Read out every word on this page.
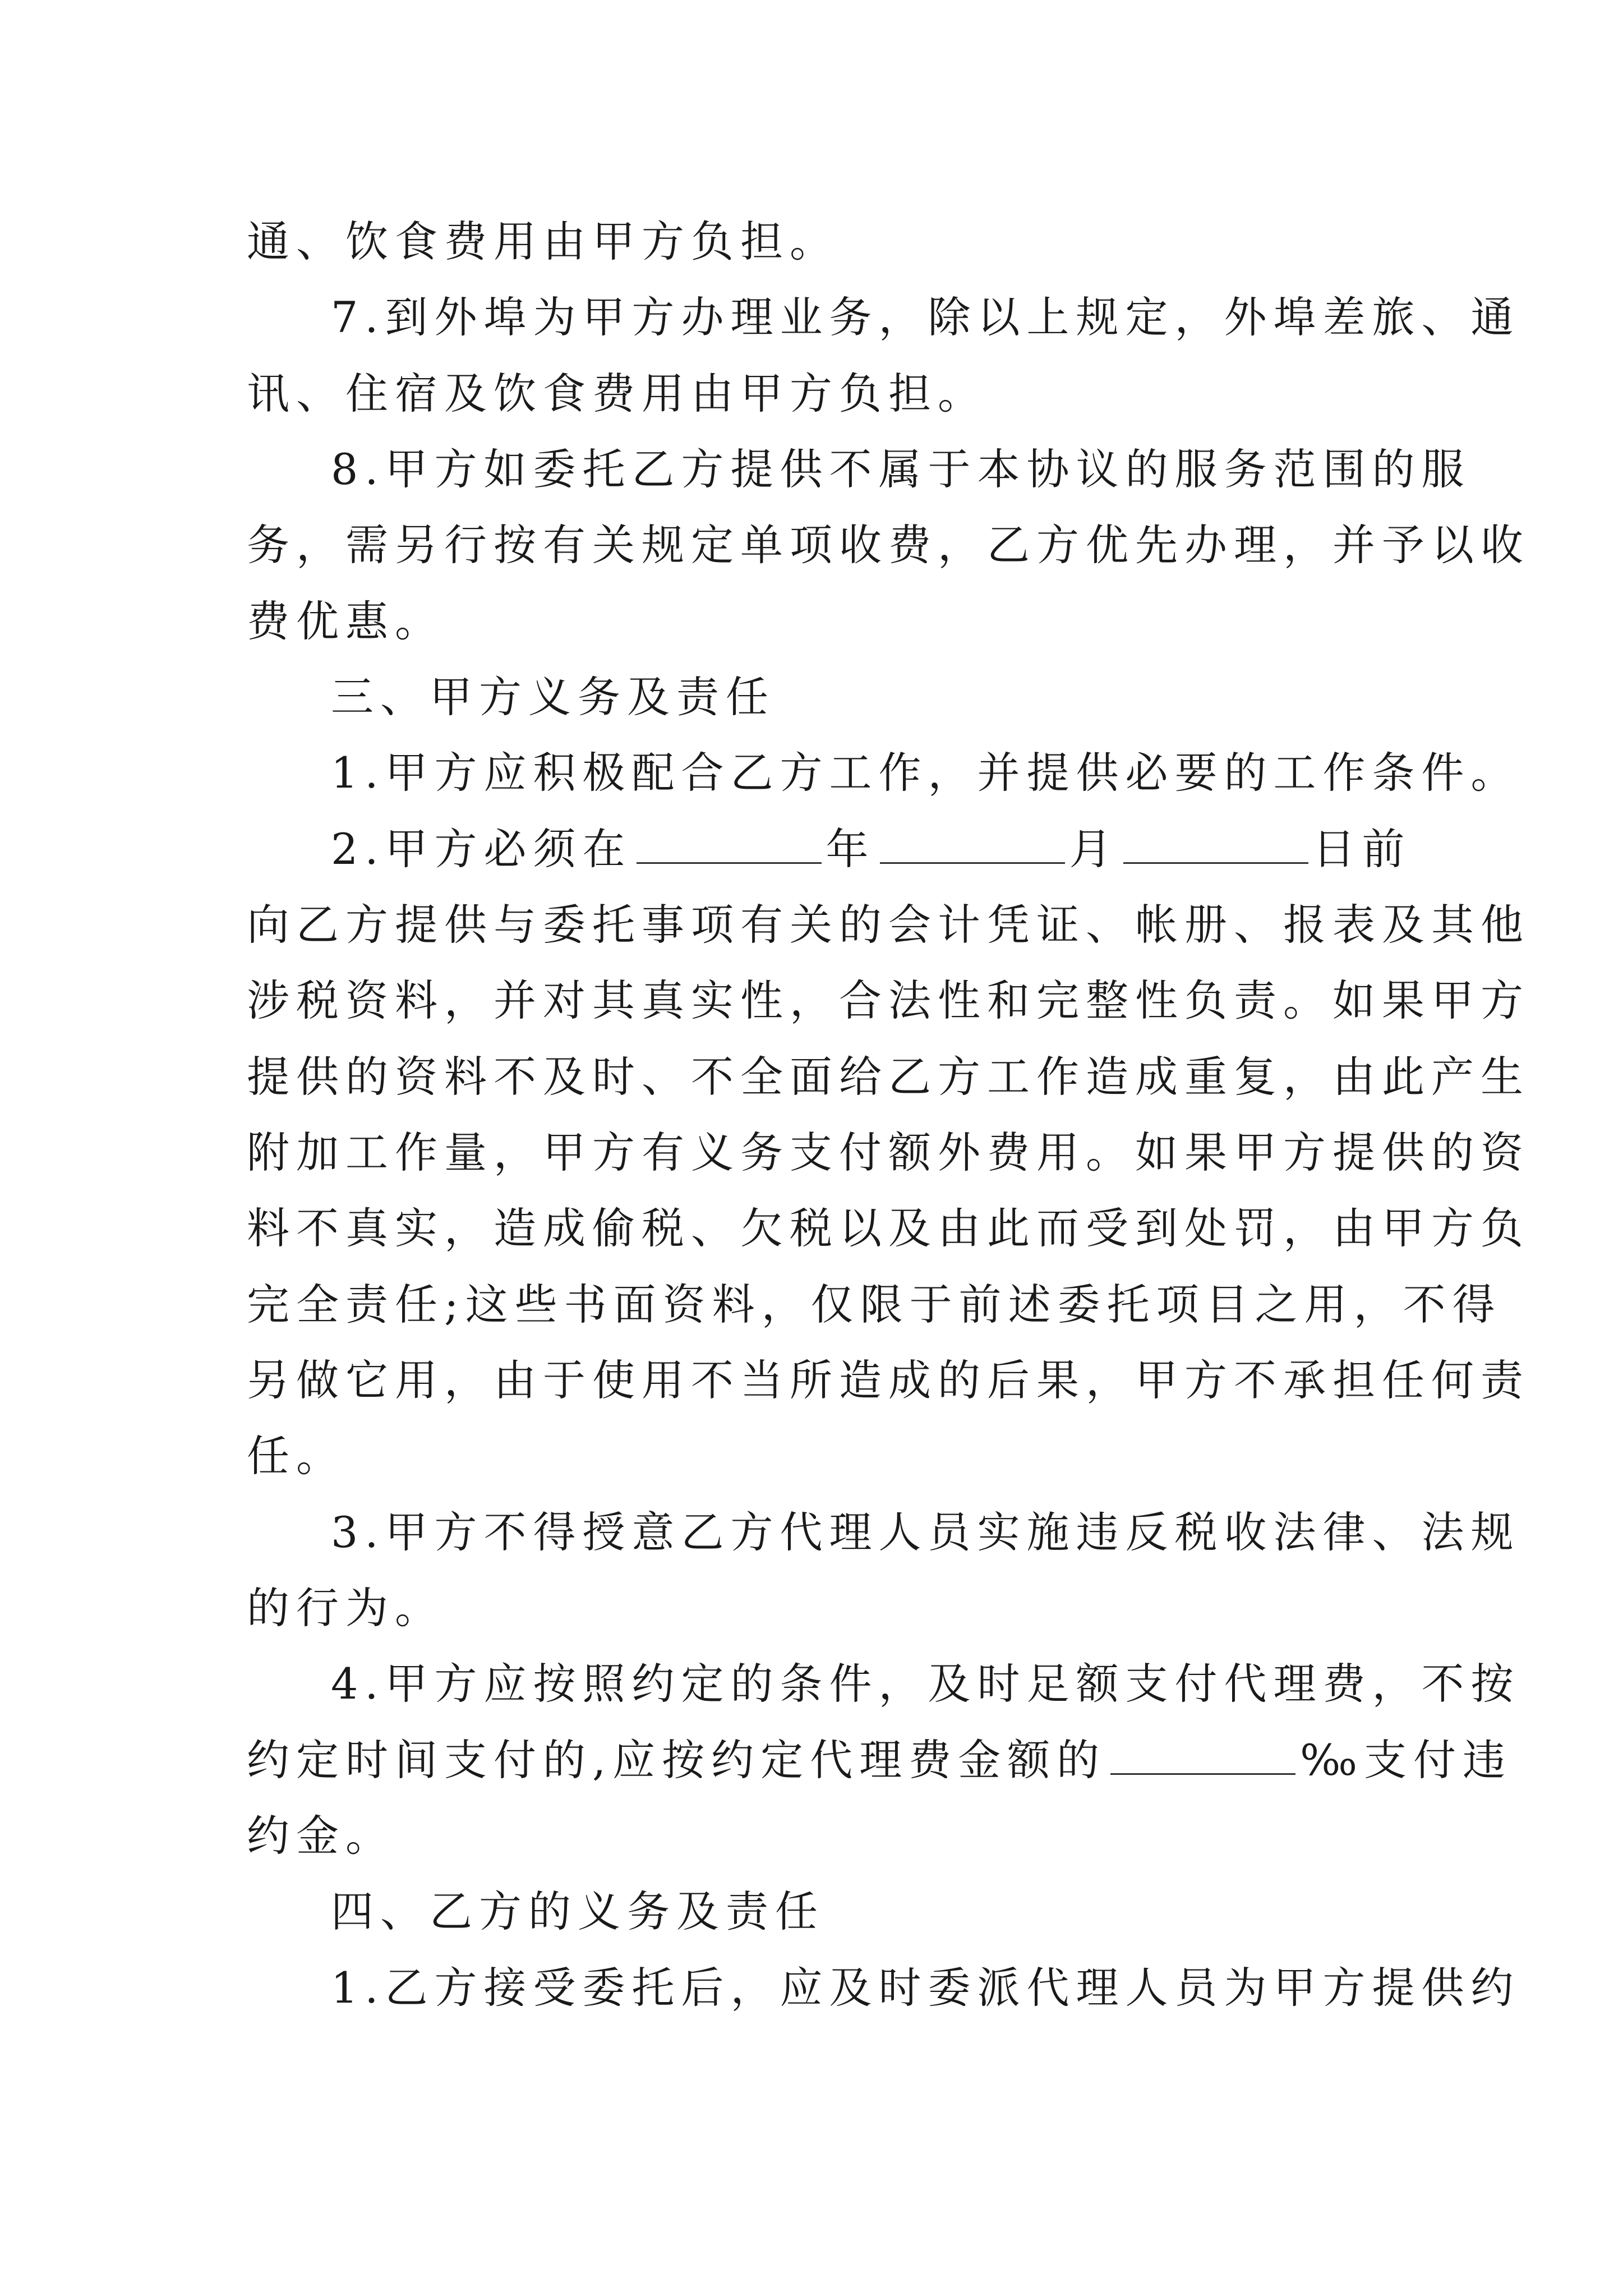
通、饮食费用由甲方负担。
7.到外埠为甲方办理业务，除以上规定，外埠差旅、通
讯、住宿及饮食费用由甲方负担。
8.甲方如委托乙方提供不属于本协议的服务范围的服
务，需另行按有关规定单项收费，乙方优先办理，并予以收
费优惠。
三、甲方义务及责任
1.甲方应积极配合乙方工作，并提供必要的工作条件。
2.甲方必须在	年	月	日前
向乙方提供与委托事项有关的会计凭证、帐册、报表及其他
涉税资料，并对其真实性，合法性和完整性负责。如果甲方
提供的资料不及时、不全面给乙方工作造成重复，由此产生
附加工作量，甲方有义务支付额外费用。如果甲方提供的资
料不真实，造成偷税、欠税以及由此而受到处罚，由甲方负
完全责任;这些书面资料，仅限于前述委托项目之用，不得
另做它用，由于使用不当所造成的后果，甲方不承担任何责
任。
3.甲方不得授意乙方代理人员实施违反税收法律、法规
的行为。
4.甲方应按照约定的条件，及时足额支付代理费，不按
约定时间支付的,应按约定代理费金额的	‰支付违
约金。
四、乙方的义务及责任
1.乙方接受委托后，应及时委派代理人员为甲方提供约
